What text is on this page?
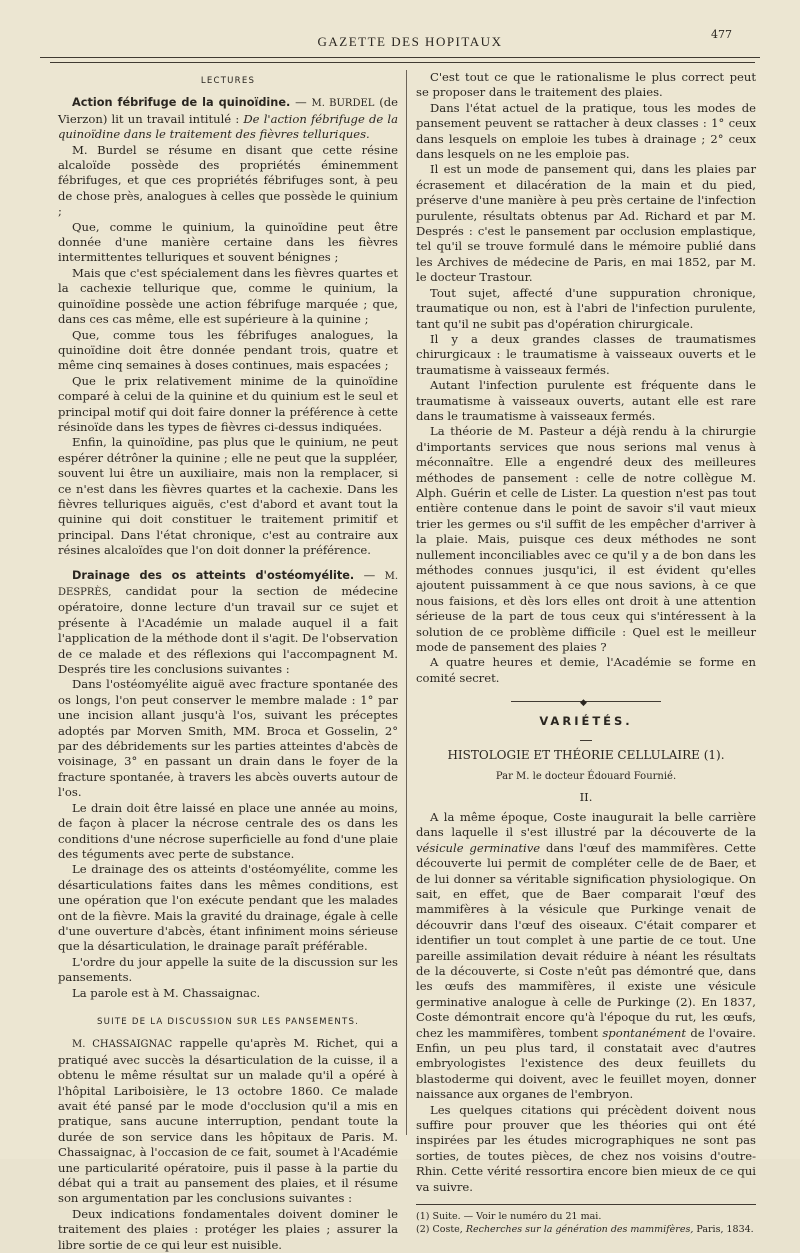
GAZETTE DES HOPITAUX	477
LECTURES

Action fébrifuge de la quinoïdine. — M. BURDEL (de Vierzon) lit un travail intitulé : De l'action fébrifuge de la quinoïdine dans le traitement des fièvres telluriques.

M. Burdel se résume en disant que cette résine alcaloïde possède des propriétés éminemment fébrifuges, et que ces propriétés fébrifuges sont, à peu de chose près, analogues à celles que possède le quinium ;

Que, comme le quinium, la quinoïdine peut être donnée d'une manière certaine dans les fièvres intermittentes telluriques et souvent bénignes ;

Mais que c'est spécialement dans les fièvres quartes et la cachexie tellurique que, comme le quinium, la quinoïdine possède une action fébrifuge marquée ; que, dans ces cas même, elle est supérieure à la quinine ;

Que, comme tous les fébrifuges analogues, la quinoïdine doit être donnée pendant trois, quatre et même cinq semaines à doses continues, mais espacées ;

Que le prix relativement minime de la quinoïdine comparé à celui de la quinine et du quinium est le seul et principal motif qui doit faire donner la préférence à cette résinoïde dans les types de fièvres ci-dessus indiquées.

Enfin, la quinoïdine, pas plus que le quinium, ne peut espérer détrôner la quinine ; elle ne peut que la suppléer, souvent lui être un auxiliaire, mais non la remplacer, si ce n'est dans les fièvres quartes et la cachexie. Dans les fièvres telluriques aiguës, c'est d'abord et avant tout la quinine qui doit constituer le traitement primitif et principal. Dans l'état chronique, c'est au contraire aux résines alcaloïdes que l'on doit donner la préférence.

Drainage des os atteints d'ostéomyélite. — M. DESPRÈS, candidat pour la section de médecine opératoire, donne lecture d'un travail sur ce sujet et présente à l'Académie un malade auquel il a fait l'application de la méthode dont il s'agit. De l'observation de ce malade et des réflexions qui l'accompagnent M. Després tire les conclusions suivantes :

Dans l'ostéomyélite aiguë avec fracture spontanée des os longs, l'on peut conserver le membre malade : 1° par une incision allant jusqu'à l'os, suivant les préceptes adoptés par Morven Smith, MM. Broca et Gosselin, 2° par des débridements sur les parties atteintes d'abcès de voisinage, 3° en passant un drain dans le foyer de la fracture spontanée, à travers les abcès ouverts autour de l'os.

Le drain doit être laissé en place une année au moins, de façon à placer la nécrose centrale des os dans les conditions d'une nécrose superficielle au fond d'une plaie des téguments avec perte de substance.

Le drainage des os atteints d'ostéomyélite, comme les désarticulations faites dans les mêmes conditions, est une opération que l'on exécute pendant que les malades ont de la fièvre. Mais la gravité du drainage, égale à celle d'une ouverture d'abcès, étant infiniment moins sérieuse que la désarticulation, le drainage paraît préférable.

L'ordre du jour appelle la suite de la discussion sur les pansements.

La parole est à M. Chassaignac.

SUITE DE LA DISCUSSION SUR LES PANSEMENTS.

M. CHASSAIGNAC rappelle qu'après M. Richet, qui a pratiqué avec succès la désarticulation de la cuisse, il a obtenu le même résultat sur un malade qu'il a opéré à l'hôpital Lariboisière, le 13 octobre 1860. Ce malade avait été pansé par le mode d'occlusion qu'il a mis en pratique, sans aucune interruption, pendant toute la durée de son service dans les hôpitaux de Paris. M. Chassaignac, à l'occasion de ce fait, soumet à l'Académie une particularité opératoire, puis il passe à la partie du débat qui a trait au pansement des plaies, et il résume son argumentation par les conclusions suivantes :

Deux indications fondamentales doivent dominer le traitement des plaies : protéger les plaies ; assurer la libre sortie de ce qui leur est nuisible.

C'est tout ce que le rationalisme le plus correct peut se proposer dans le traitement des plaies.

Dans l'état actuel de la pratique, tous les modes de pansement peuvent se rattacher à deux classes : 1° ceux dans lesquels on emploie les tubes à drainage ; 2° ceux dans lesquels on ne les emploie pas.

Il est un mode de pansement qui, dans les plaies par écrasement et dilacération de la main et du pied, préserve d'une manière à peu près certaine de l'infection purulente, résultats obtenus par Ad. Richard et par M. Després : c'est le pansement par occlusion emplastique, tel qu'il se trouve formulé dans le mémoire publié dans les Archives de médecine de Paris, en mai 1852, par M. le docteur Trastour.

Tout sujet, affecté d'une suppuration chronique, traumatique ou non, est à l'abri de l'infection purulente, tant qu'il ne subit pas d'opération chirurgicale.

Il y a deux grandes classes de traumatismes chirurgicaux : le traumatisme à vaisseaux ouverts et le traumatisme à vaisseaux fermés.

Autant l'infection purulente est fréquente dans le traumatisme à vaisseaux ouverts, autant elle est rare dans le traumatisme à vaisseaux fermés.

La théorie de M. Pasteur a déjà rendu à la chirurgie d'importants services que nous serions mal venus à méconnaître. Elle a engendré deux des meilleures méthodes de pansement : celle de notre collègue M. Alph. Guérin et celle de Lister. La question n'est pas tout entière contenue dans le point de savoir s'il vaut mieux trier les germes ou s'il suffit de les empêcher d'arriver à la plaie. Mais, puisque ces deux méthodes ne sont nullement inconciliables avec ce qu'il y a de bon dans les méthodes connues jusqu'ici, il est évident qu'elles ajoutent puissamment à ce que nous savions, à ce que nous faisions, et dès lors elles ont droit à une attention sérieuse de la part de tous ceux qui s'intéressent à la solution de ce problème difficile : Quel est le meilleur mode de pansement des plaies ?

A quatre heures et demie, l'Académie se forme en comité secret.

◆
VARIÉTÉS.
HISTOLOGIE ET THÉORIE CELLULAIRE (1).
Par M. le docteur Édouard Fournié.
II.

A la même époque, Coste inaugurait la belle carrière dans laquelle il s'est illustré par la découverte de la vésicule germinative dans l'œuf des mammifères. Cette découverte lui permit de compléter celle de de Baer, et de lui donner sa véritable signification physiologique. On sait, en effet, que de Baer comparait l'œuf des mammifères à la vésicule que Purkinge venait de découvrir dans l'œuf des oiseaux. C'était comparer et identifier un tout complet à une partie de ce tout. Une pareille assimilation devait réduire à néant les résultats de la découverte, si Coste n'eût pas démontré que, dans les œufs des mammifères, il existe une vésicule germinative analogue à celle de Purkinge (2). En 1837, Coste démontrait encore qu'à l'époque du rut, les œufs, chez les mammifères, tombent spontanément de l'ovaire. Enfin, un peu plus tard, il constatait avec d'autres embryologistes l'existence des deux feuillets du blastoderme qui doivent, avec le feuillet moyen, donner naissance aux organes de l'embryon.

Les quelques citations qui précèdent doivent nous suffire pour prouver que les théories qui ont été inspirées par les études micrographiques ne sont pas sorties, de toutes pièces, de chez nos voisins d'outre-Rhin. Cette vérité ressortira encore bien mieux de ce qui va suivre.

(1) Suite. — Voir le numéro du 21 mai.

(2) Coste, Recherches sur la génération des mammifères, Paris, 1834.
